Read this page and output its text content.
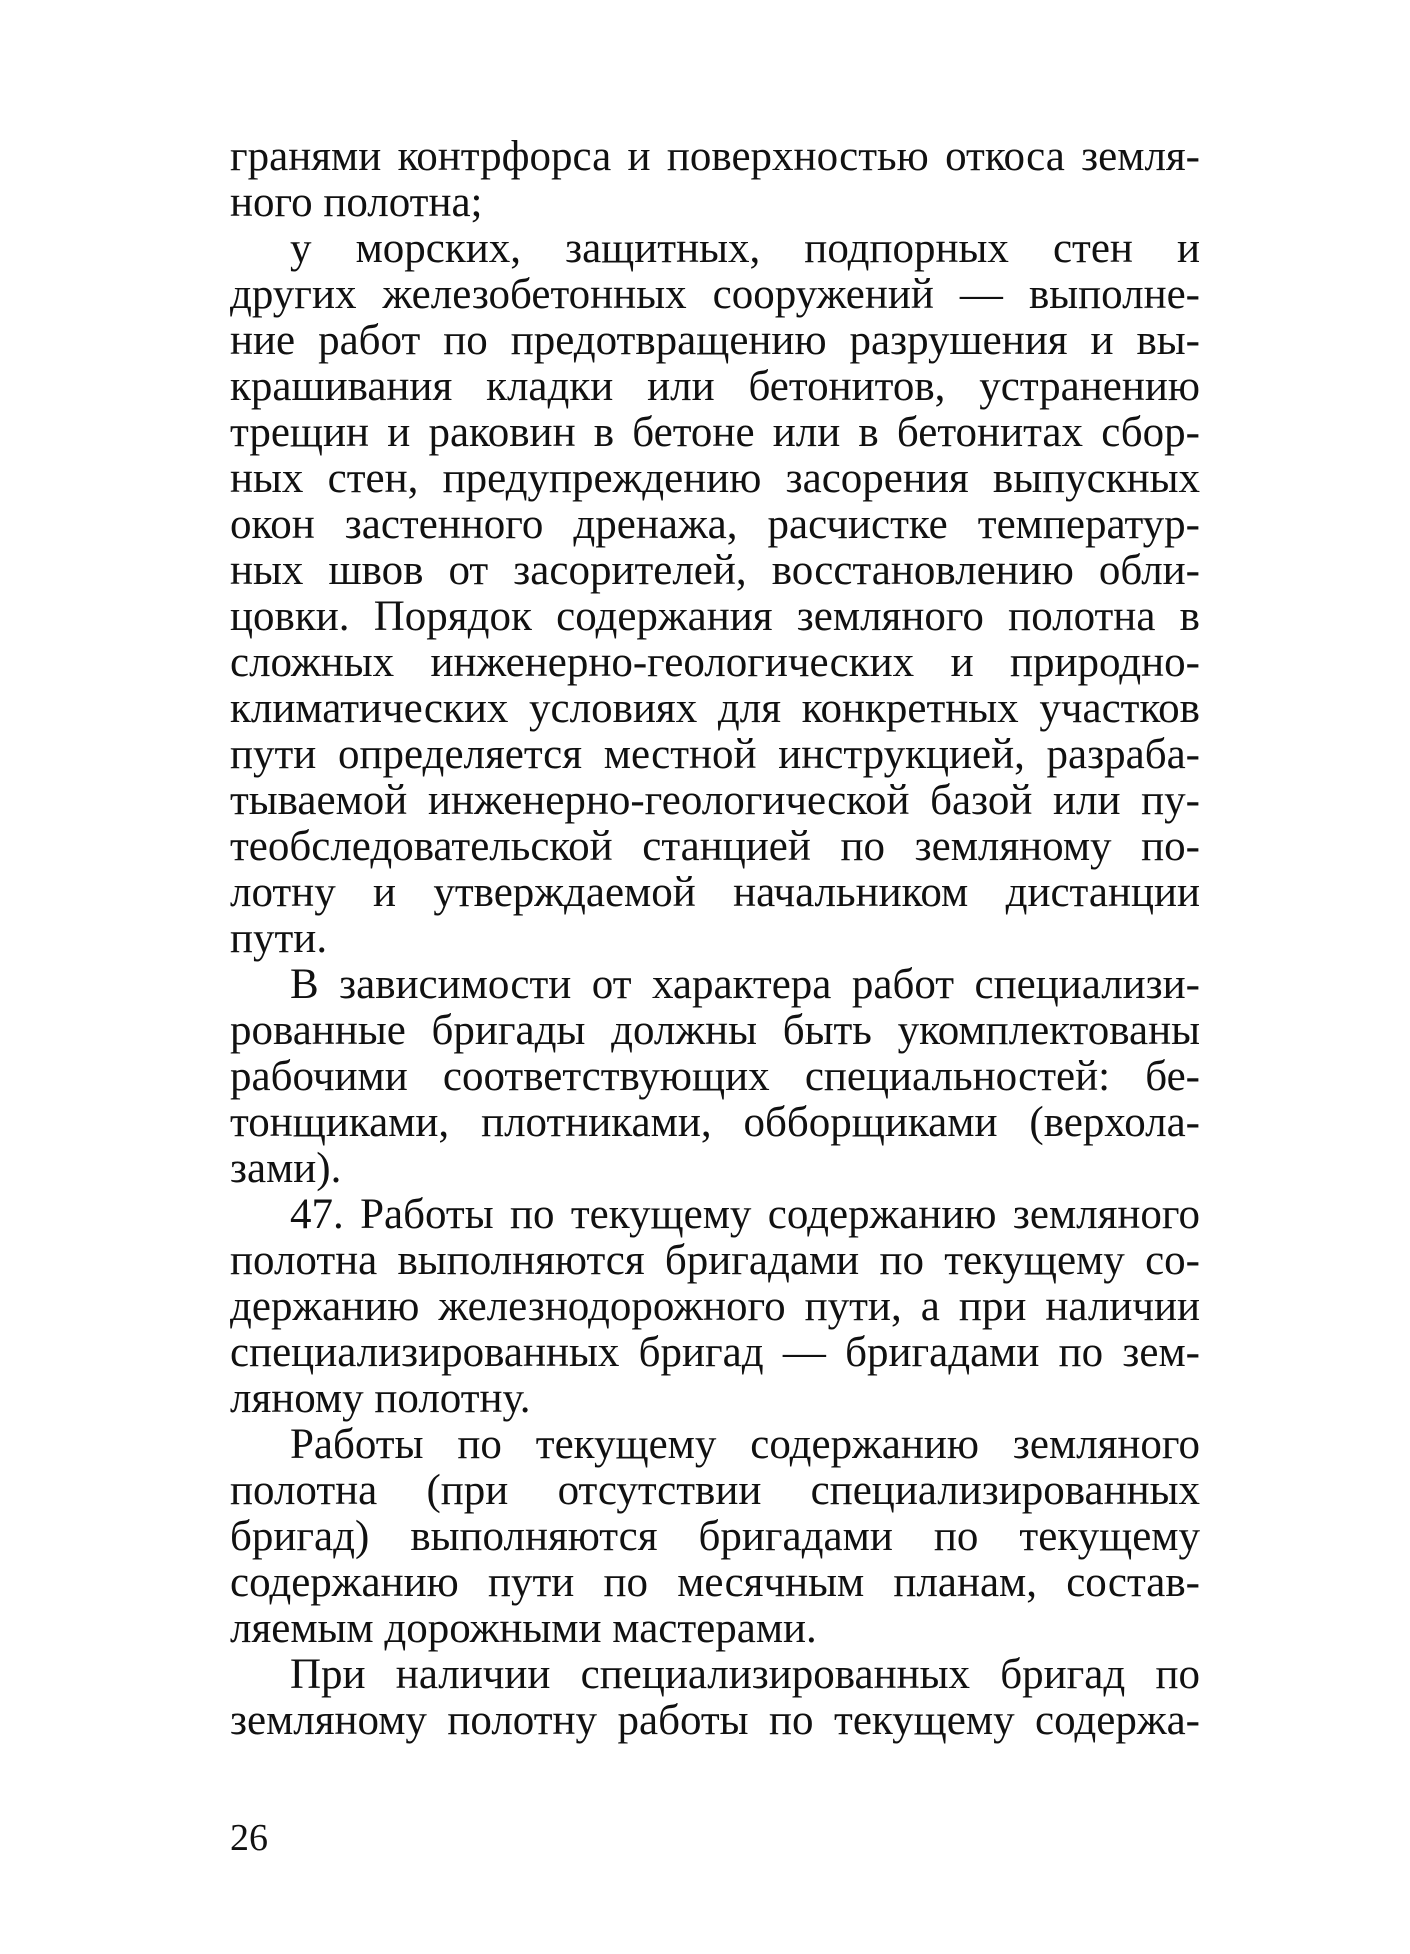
гранями контрфорса и поверхностью откоса земля-
ного полотна;
у морских, защитных, подпорных стен и
других железобетонных сооружений — выполне-
ние работ по предотвращению разрушения и вы-
крашивания кладки или бетонитов, устранению
трещин и раковин в бетоне или в бетонитах сбор-
ных стен, предупреждению засорения выпускных
окон застенного дренажа, расчистке температур-
ных швов от засорителей, восстановлению обли-
цовки. Порядок содержания земляного полотна в
сложных инженерно-геологических и природно-
климатических условиях для конкретных участков
пути определяется местной инструкцией, разраба-
тываемой инженерно-геологической базой или пу-
теобследовательской станцией по земляному по-
лотну и утверждаемой начальником дистанции
пути.
В зависимости от характера работ специализи-
рованные бригады должны быть укомплектованы
рабочими соответствующих специальностей: бе-
тонщиками, плотниками, обборщиками (верхола-
зами).
47. Работы по текущему содержанию земляного
полотна выполняются бригадами по текущему со-
держанию железнодорожного пути, а при наличии
специализированных бригад — бригадами по зем-
ляному полотну.
Работы по текущему содержанию земляного
полотна (при отсутствии специализированных
бригад) выполняются бригадами по текущему
содержанию пути по месячным планам, состав-
ляемым дорожными мастерами.
При наличии специализированных бригад по
земляному полотну работы по текущему содержа-
26
